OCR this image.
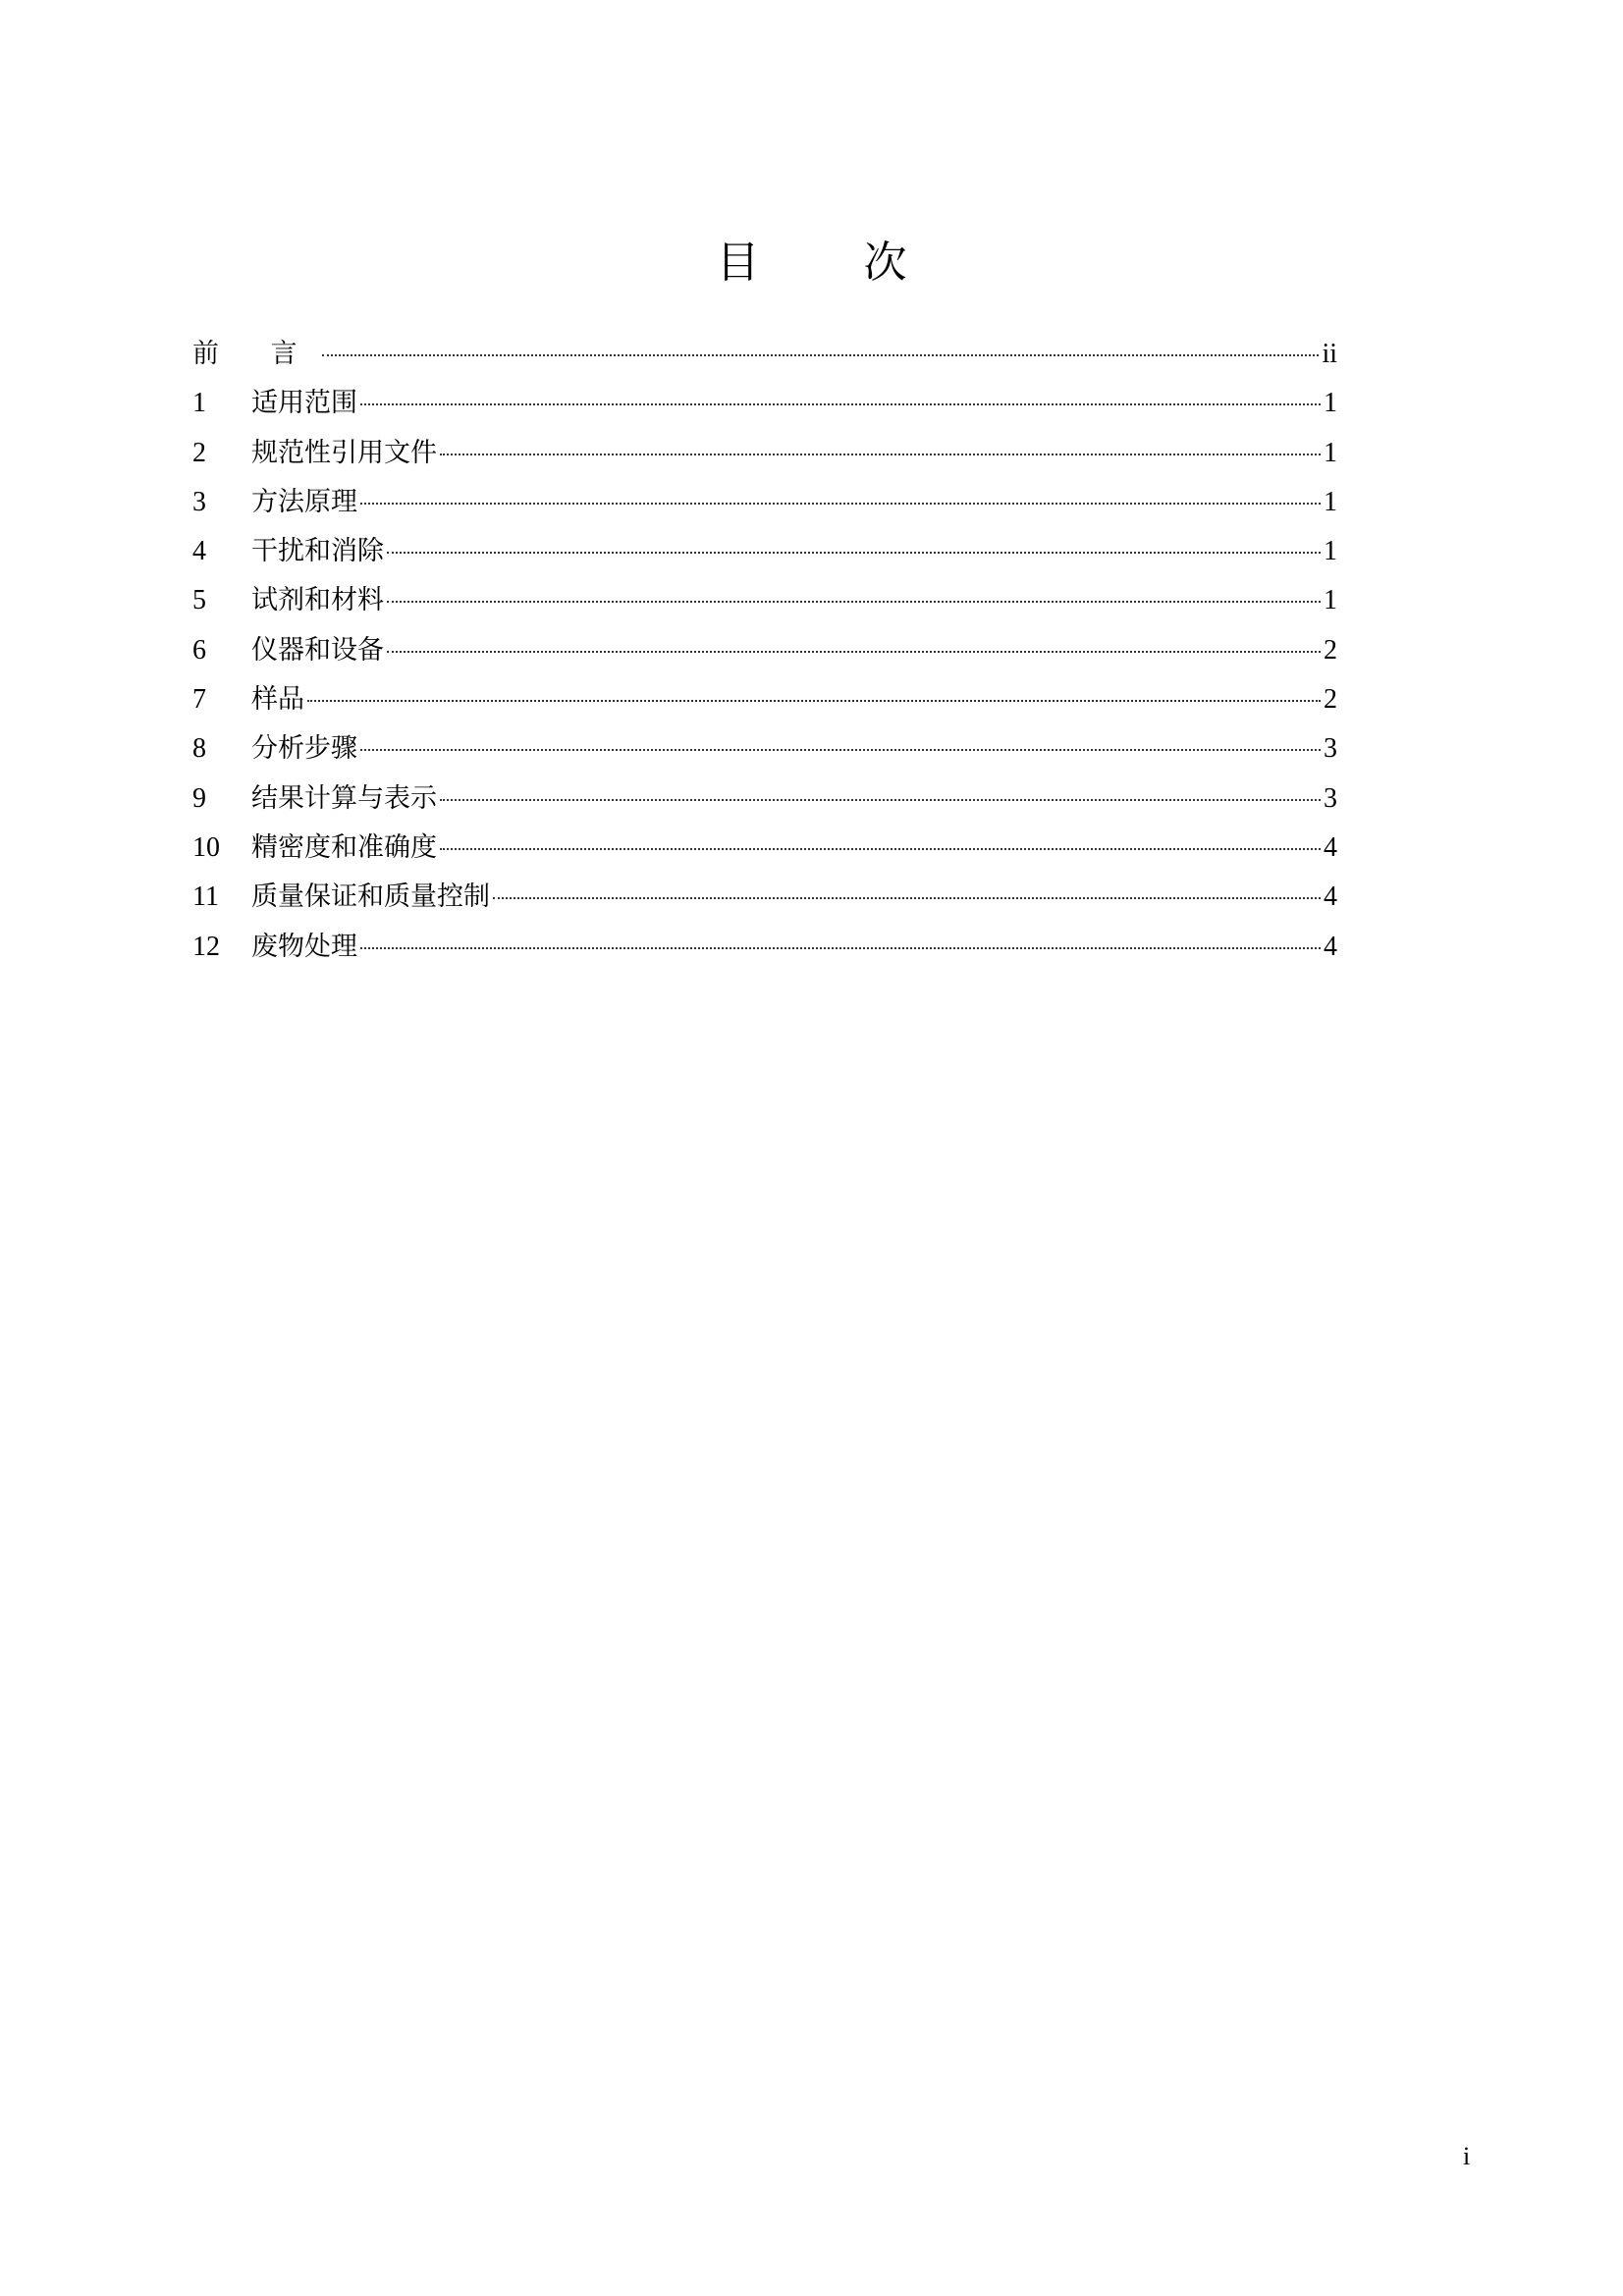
目 次
前 言	ii
1	适用范围	1
2	规范性引用文件	1
3	方法原理	1
4	干扰和消除	1
5	试剂和材料	1
6	仪器和设备	2
7	样品	2
8	分析步骤	3
9	结果计算与表示	3
10	精密度和准确度	4
11	质量保证和质量控制	4
12	废物处理	4
i
